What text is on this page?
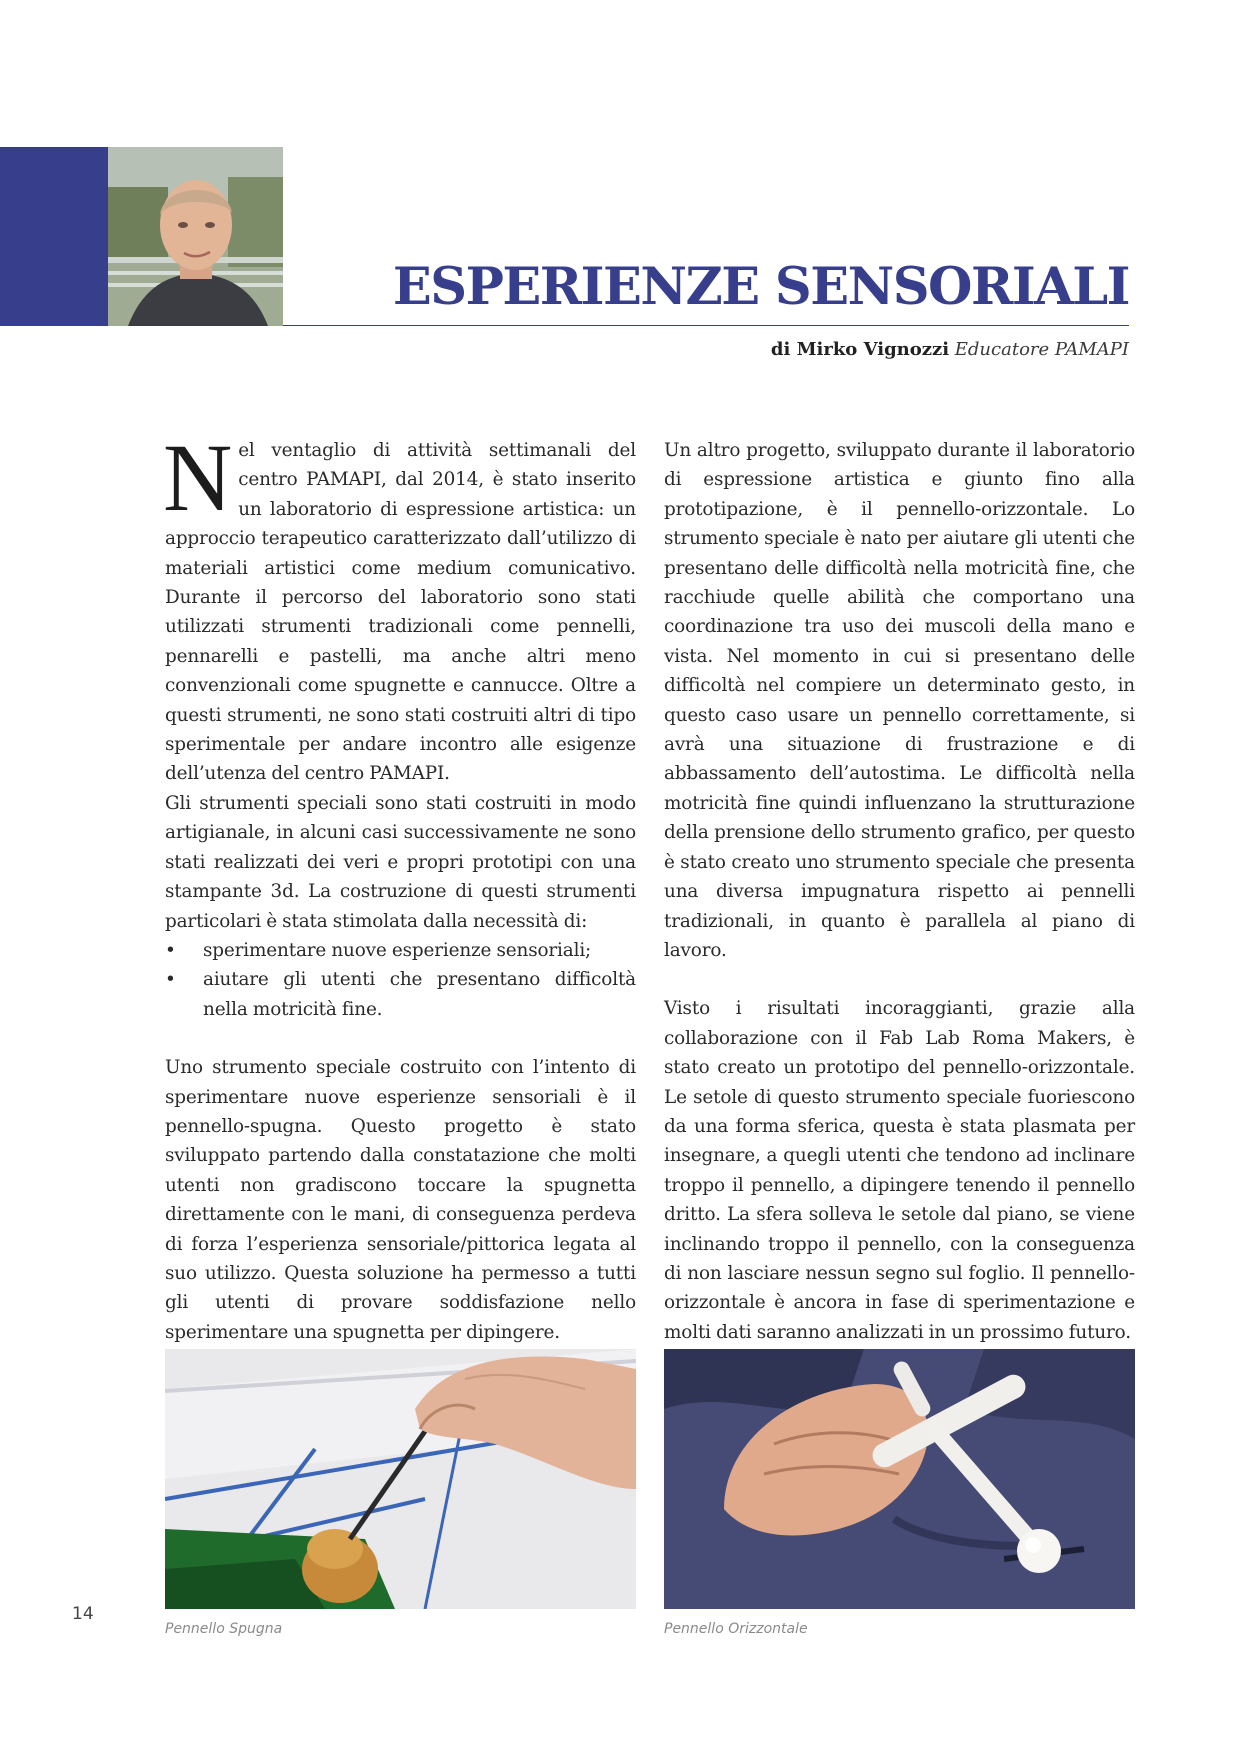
ESPERIENZE SENSORIALI
di Mirko Vignozzi Educatore PAMAPI

Nel ventaglio di attività settimanali del centro PAMAPI, dal 2014, è stato inserito un laboratorio di espressione artistica: un approccio terapeutico caratterizzato dall’utilizzo di materiali artistici come medium comunicativo. Durante il percorso del laboratorio sono stati utilizzati strumenti tradizionali come pennelli, pennarelli e pastelli, ma anche altri meno convenzionali come spugnette e cannucce. Oltre a questi strumenti, ne sono stati costruiti altri di tipo sperimentale per andare incontro alle esigenze dell’utenza del centro PAMAPI.

Gli strumenti speciali sono stati costruiti in modo artigianale, in alcuni casi successivamente ne sono stati realizzati dei veri e propri prototipi con una stampante 3d. La costruzione di questi strumenti particolari è stata stimolata dalla necessità di:

• sperimentare nuove esperienze sensoriali;
• aiutare gli utenti che presentano difficoltà nella motricità fine.

Uno strumento speciale costruito con l’intento di sperimentare nuove esperienze sensoriali è il pennello-spugna. Questo progetto è stato sviluppato partendo dalla constatazione che molti utenti non gradiscono toccare la spugnetta direttamente con le mani, di conseguenza perdeva di forza l’esperienza sensoriale/pittorica legata al suo utilizzo. Questa soluzione ha permesso a tutti gli utenti di provare soddisfazione nello sperimentare una spugnetta per dipingere.

Un altro progetto, sviluppato durante il laboratorio di espressione artistica e giunto fino alla prototipazione, è il pennello-orizzontale. Lo strumento speciale è nato per aiutare gli utenti che presentano delle difficoltà nella motricità fine, che racchiude quelle abilità che comportano una coordinazione tra uso dei muscoli della mano e vista. Nel momento in cui si presentano delle difficoltà nel compiere un determinato gesto, in questo caso usare un pennello correttamente, si avrà una situazione di frustrazione e di abbassamento dell’autostima. Le difficoltà nella motricità fine quindi influenzano la strutturazione della prensione dello strumento grafico, per questo è stato creato uno strumento speciale che presenta una diversa impugnatura rispetto ai pennelli tradizionali, in quanto è parallela al piano di lavoro.

Visto i risultati incoraggianti, grazie alla collaborazione con il Fab Lab Roma Makers, è stato creato un prototipo del pennello-orizzontale. Le setole di questo strumento speciale fuoriescono da una forma sferica, questa è stata plasmata per insegnare, a quegli utenti che tendono ad inclinare troppo il pennello, a dipingere tenendo il pennello dritto. La sfera solleva le setole dal piano, se viene inclinando troppo il pennello, con la conseguenza di non lasciare nessun segno sul foglio. Il pennello-orizzontale è ancora in fase di sperimentazione e molti dati saranno analizzati in un prossimo futuro.

Pennello Spugna	Pennello Orizzontale
14
